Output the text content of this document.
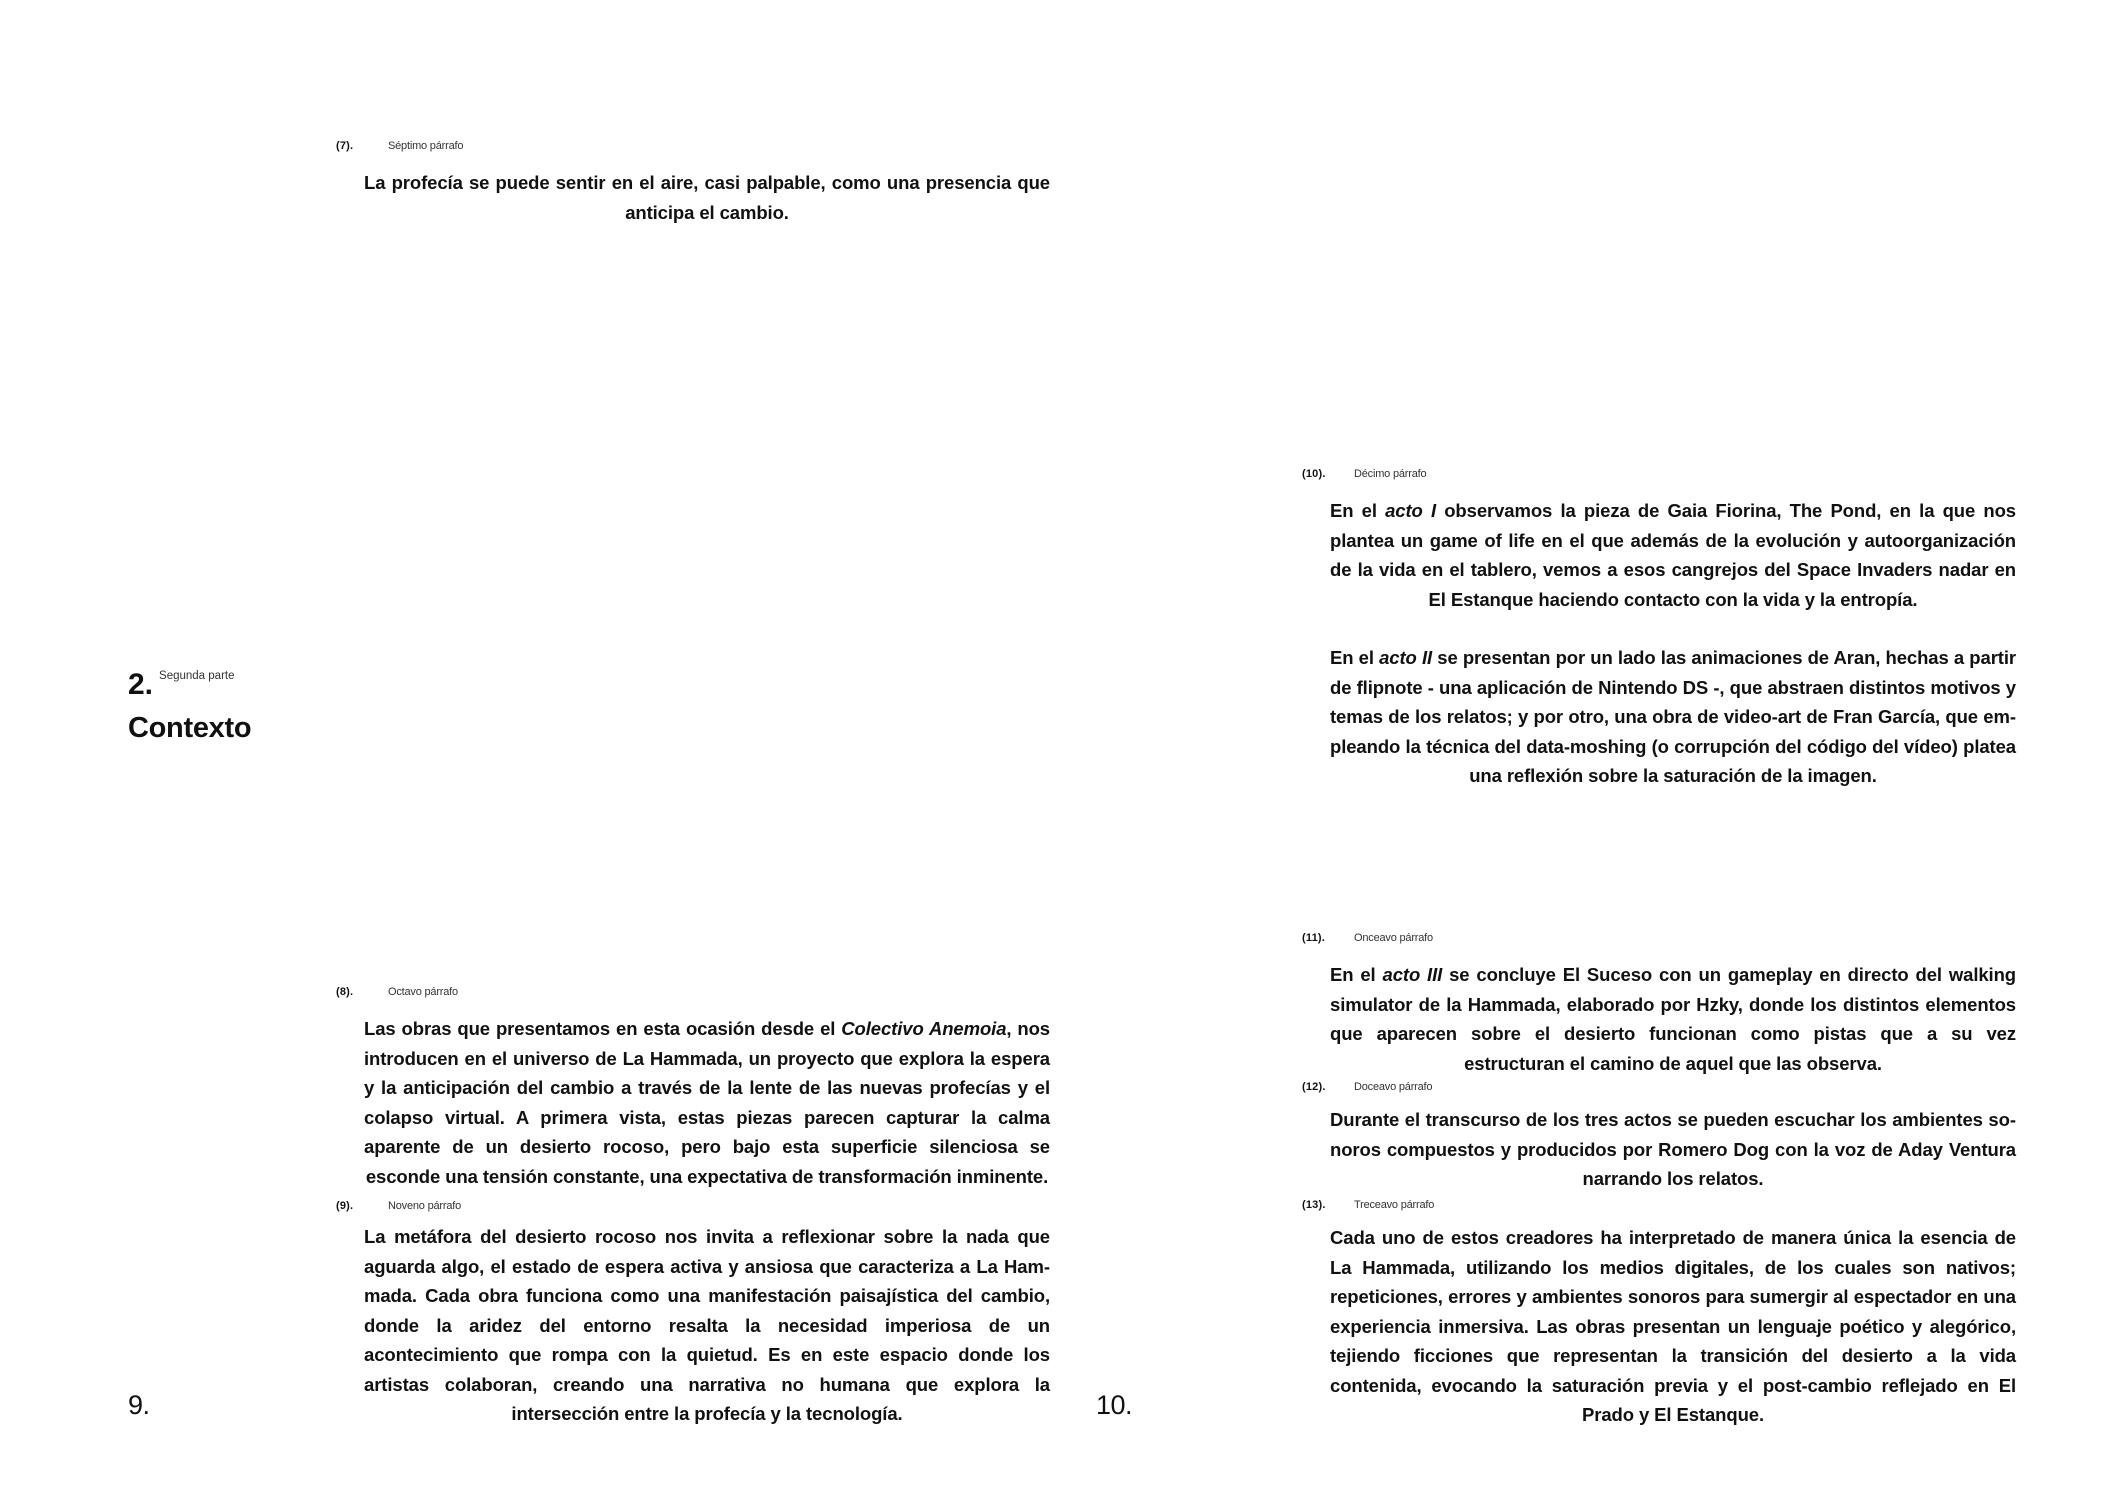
(7).	Séptimo párrafo

La profecía se puede sentir en el aire, casi palpable, como una presencia que anticipa el cambio.

2. Segunda parte
Contexto
(8).	Octavo párrafo

Las obras que presentamos en esta ocasión desde el Colectivo Anemoia, nos introducen en el universo de La Hammada, un proyecto que explora la espera y la anticipación del cambio a través de la lente de las nuevas profecías y el colapso virtual. A primera vista, estas piezas parecen capturar la calma aparente de un desierto rocoso, pero bajo esta superficie silenciosa se esconde una tensión constante, una expectativa de transformación inminente.

(9).	Noveno párrafo

La metáfora del desierto rocoso nos invita a reflexionar sobre la nada que aguarda algo, el estado de espera activa y ansiosa que caracteriza a La Hammada. Cada obra funciona como una manifestación paisajística del cambio, donde la aridez del entorno resalta la necesidad imperiosa de un acontecimiento que rompa con la quietud. Es en este espacio donde los artistas colaboran, creando una narrativa no humana que explora la intersección entre la profecía y la tecnología.

9.
(10).	Décimo párrafo

En el acto I observamos la pieza de Gaia Fiorina, The Pond, en la que nos plantea un game of life en el que además de la evolución y autoorganización de la vida en el tablero, vemos a esos cangrejos del Space Invaders nadar en El Estanque haciendo contacto con la vida y la entropía.

En el acto II se presentan por un lado las animaciones de Aran, hechas a partir de flipnote - una aplicación de Nintendo DS -, que abstraen distintos motivos y temas de los relatos; y por otro, una obra de video-art de Fran García, que empleando la técnica del data-moshing (o corrupción del código del vídeo) platea una reflexión sobre la saturación de la imagen.

(11).	Onceavo párrafo

En el acto III se concluye El Suceso con un gameplay en directo del walking simulator de la Hammada, elaborado por Hzky, donde los distintos elementos que aparecen sobre el desierto funcionan como pistas que a su vez estructuran el camino de aquel que las observa.

(12).	Doceavo párrafo

Durante el transcurso de los tres actos se pueden escuchar los ambientes sonoros compuestos y producidos por Romero Dog con la voz de Aday Ventura narrando los relatos.

(13).	Treceavo párrafo

Cada uno de estos creadores ha interpretado de manera única la esencia de La Hammada, utilizando los medios digitales, de los cuales son nativos; repeticiones, errores y ambientes sonoros para sumergir al espectador en una experiencia inmersiva. Las obras presentan un lenguaje poético y alegórico, tejiendo ficciones que representan la transición del desierto a la vida contenida, evocando la saturación previa y el post-cambio reflejado en El Prado y El Estanque.

10.
